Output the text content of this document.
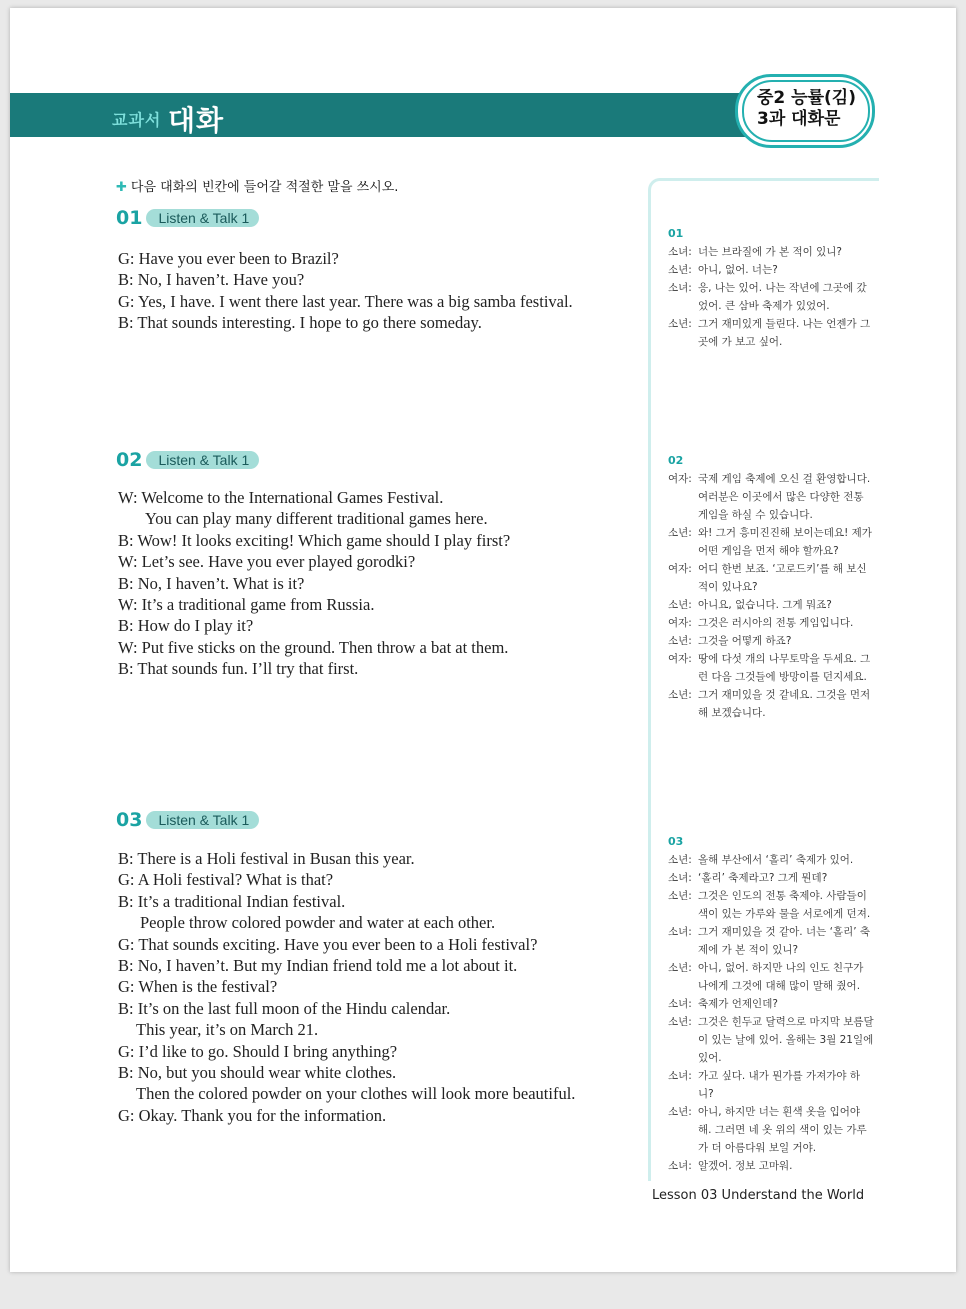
교과서 대화
중2 능률(김)
3과 대화문
✚ 다음 대화의 빈칸에 들어갈 적절한 말을 쓰시오.
01 Listen & Talk 1
G: Have you ever been to Brazil?
B: No, I haven’t. Have you?
G: Yes, I have. I went there last year. There was a big samba festival.
B: That sounds interesting. I hope to go there someday.
02 Listen & Talk 1
W: Welcome to the International Games Festival.
You can play many different traditional games here.
B: Wow! It looks exciting! Which game should I play first?
W: Let’s see. Have you ever played gorodki?
B: No, I haven’t. What is it?
W: It’s a traditional game from Russia.
B: How do I play it?
W: Put five sticks on the ground. Then throw a bat at them.
B: That sounds fun. I’ll try that first.
03 Listen & Talk 1
B: There is a Holi festival in Busan this year.
G: A Holi festival? What is that?
B: It’s a traditional Indian festival.
People throw colored powder and water at each other.
G: That sounds exciting. Have you ever been to a Holi festival?
B: No, I haven’t. But my Indian friend told me a lot about it.
G: When is the festival?
B: It’s on the last full moon of the Hindu calendar.
This year, it’s on March 21.
G: I’d like to go. Should I bring anything?
B: No, but you should wear white clothes.
Then the colored powder on your clothes will look more beautiful.
G: Okay. Thank you for the information.
01
소녀: 너는 브라질에 가 본 적이 있니?
소년: 아니, 없어. 너는?
소녀: 응, 나는 있어. 나는 작년에 그곳에 갔었어. 큰 삼바 축제가 있었어.
소년: 그거 재미있게 들린다. 나는 언젠가 그곳에 가 보고 싶어.
02
여자: 국제 게임 축제에 오신 걸 환영합니다. 여러분은 이곳에서 많은 다양한 전통 게임을 하실 수 있습니다.
소년: 와! 그거 흥미진진해 보이는데요! 제가 어떤 게임을 먼저 해야 할까요?
여자: 어디 한번 보죠. ‘고로드키’를 해 보신 적이 있나요?
소년: 아니요, 없습니다. 그게 뭐죠?
여자: 그것은 러시아의 전통 게임입니다.
소년: 그것을 어떻게 하죠?
여자: 땅에 다섯 개의 나무토막을 두세요. 그런 다음 그것들에 방망이를 던지세요.
소년: 그거 재미있을 것 같네요. 그것을 먼저 해 보겠습니다.
03
소년: 올해 부산에서 ‘홀리’ 축제가 있어.
소녀: ‘홀리’ 축제라고? 그게 뭔데?
소년: 그것은 인도의 전통 축제야. 사람들이 색이 있는 가루와 물을 서로에게 던져.
소녀: 그거 재미있을 것 같아. 너는 ‘홀리’ 축제에 가 본 적이 있니?
소년: 아니, 없어. 하지만 나의 인도 친구가 나에게 그것에 대해 많이 말해 줬어.
소녀: 축제가 언제인데?
소년: 그것은 힌두교 달력으로 마지막 보름달이 있는 날에 있어. 올해는 3월 21일에 있어.
소녀: 가고 싶다. 내가 뭔가를 가져가야 하니?
소년: 아니, 하지만 너는 흰색 옷을 입어야 해. 그러면 네 옷 위의 색이 있는 가루가 더 아름다워 보일 거야.
소녀: 알겠어. 정보 고마워.
Lesson 03 Understand the World
